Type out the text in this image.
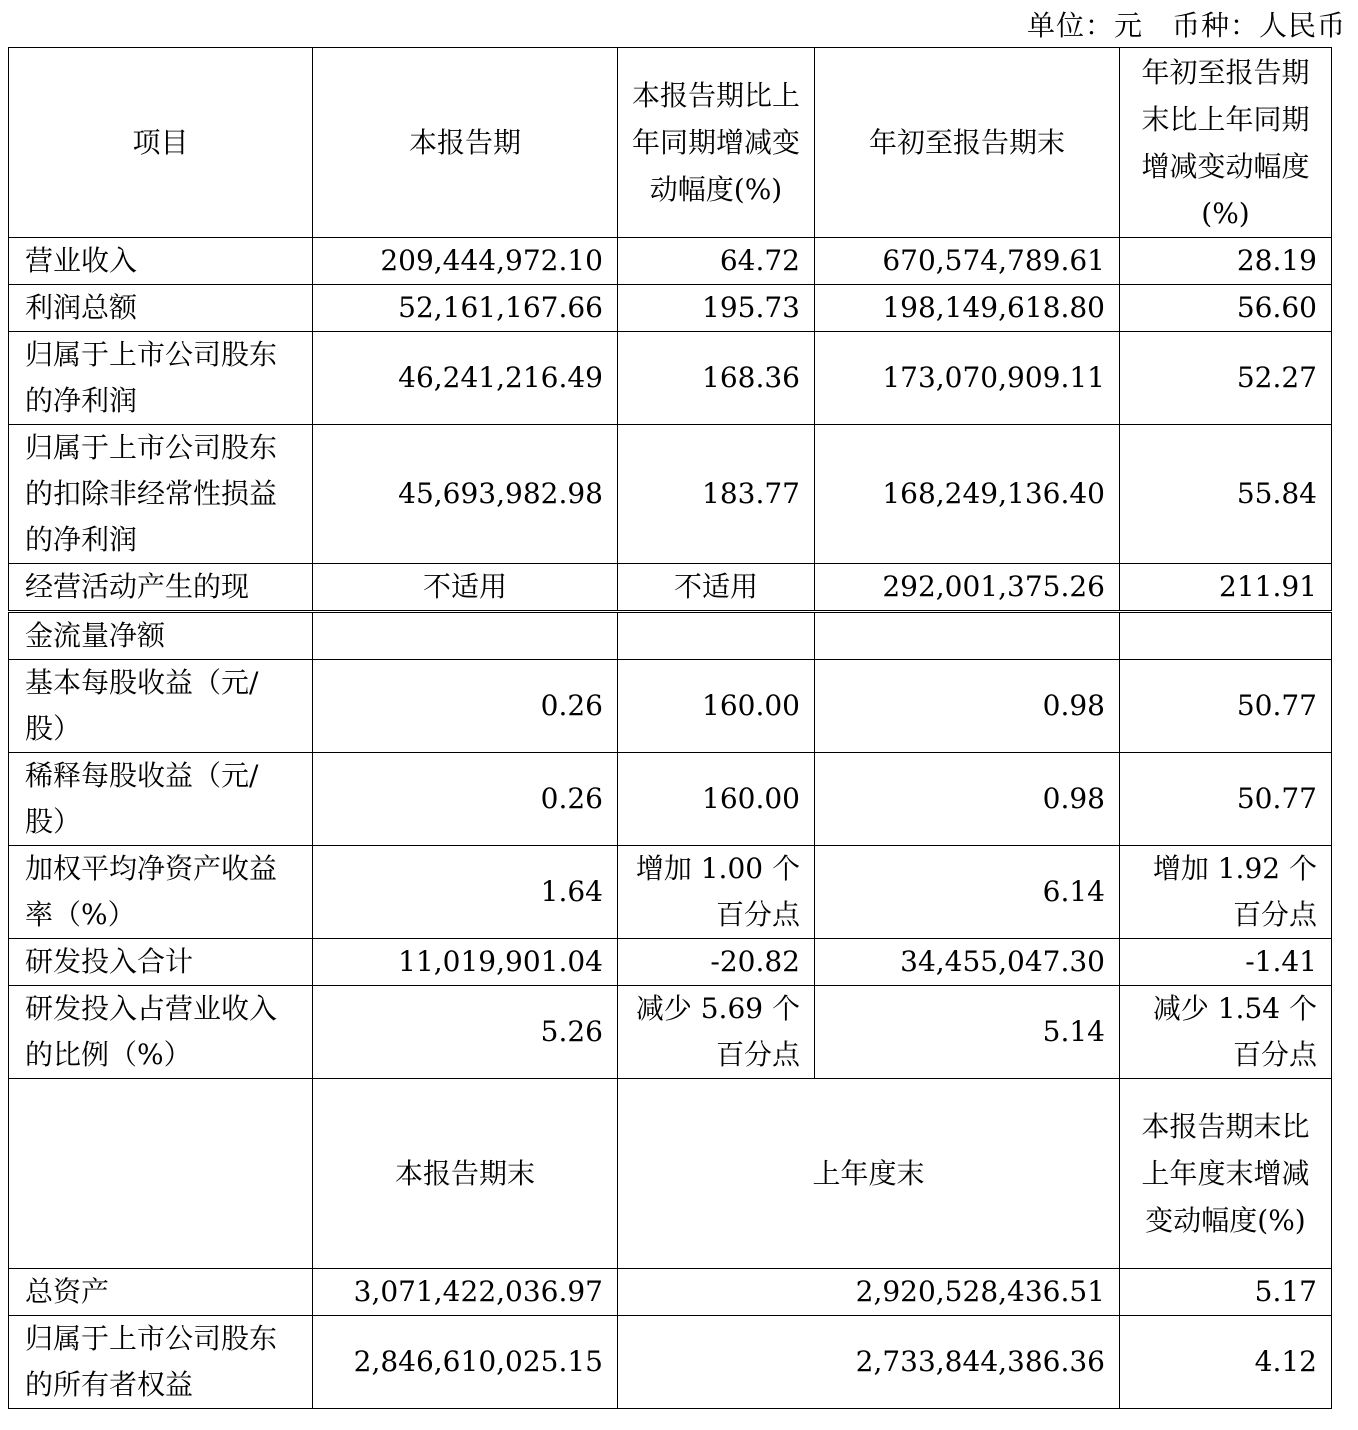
单位：元　币种：人民币
项目	本报告期	本报告期比上年同期增减变动幅度(%)	年初至报告期末	年初至报告期末比上年同期增减变动幅度(%)
营业收入	209,444,972.10	64.72	670,574,789.61	28.19
利润总额	52,161,167.66	195.73	198,149,618.80	56.60
归属于上市公司股东的净利润	46,241,216.49	168.36	173,070,909.11	52.27
归属于上市公司股东的扣除非经常性损益的净利润	45,693,982.98	183.77	168,249,136.40	55.84
经营活动产生的现	不适用	不适用	292,001,375.26	211.91
金流量净额				
基本每股收益（元/股）	0.26	160.00	0.98	50.77
稀释每股收益（元/股）	0.26	160.00	0.98	50.77
加权平均净资产收益率（%）	1.64	增加 1.00 个百分点	6.14	增加 1.92 个百分点
研发投入合计	11,019,901.04	-20.82	34,455,047.30	-1.41
研发投入占营业收入的比例（%）	5.26	减少 5.69 个百分点	5.14	减少 1.54 个百分点
	本报告期末	上年度末		本报告期末比上年度末增减变动幅度(%)
总资产	3,071,422,036.97	2,920,528,436.51		5.17
归属于上市公司股东的所有者权益	2,846,610,025.15	2,733,844,386.36		4.12
